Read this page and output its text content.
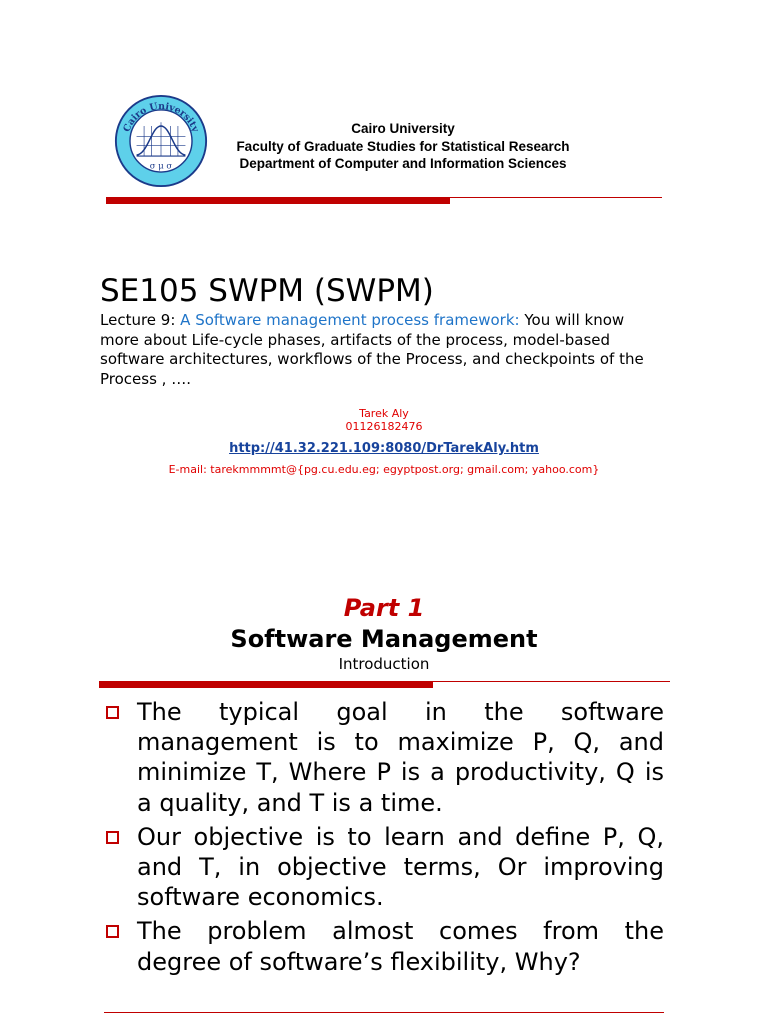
Cairo University
σ μ σ
Cairo University
Faculty of Graduate Studies for Statistical Research
Department of Computer and Information Sciences
SE105 SWPM (SWPM)
Lecture 9: A Software management process framework: You will know more about Life-cycle phases, artifacts of the process, model-based software architectures, workflows of the Process, and checkpoints of the Process , ….
Tarek Aly
01126182476
http://41.32.221.109:8080/DrTarekAly.htm
E-mail: tarekmmmmt@{pg.cu.edu.eg; egyptpost.org; gmail.com; yahoo.com}
Part 1
Software Management
Introduction
The typical goal in the software management is to maximize P, Q, and minimize T, Where P is a productivity, Q is a quality, and T is a time.
Our objective is to learn and define P, Q, and T, in objective terms, Or improving software economics.
The problem almost comes from the degree of software’s flexibility, Why?
